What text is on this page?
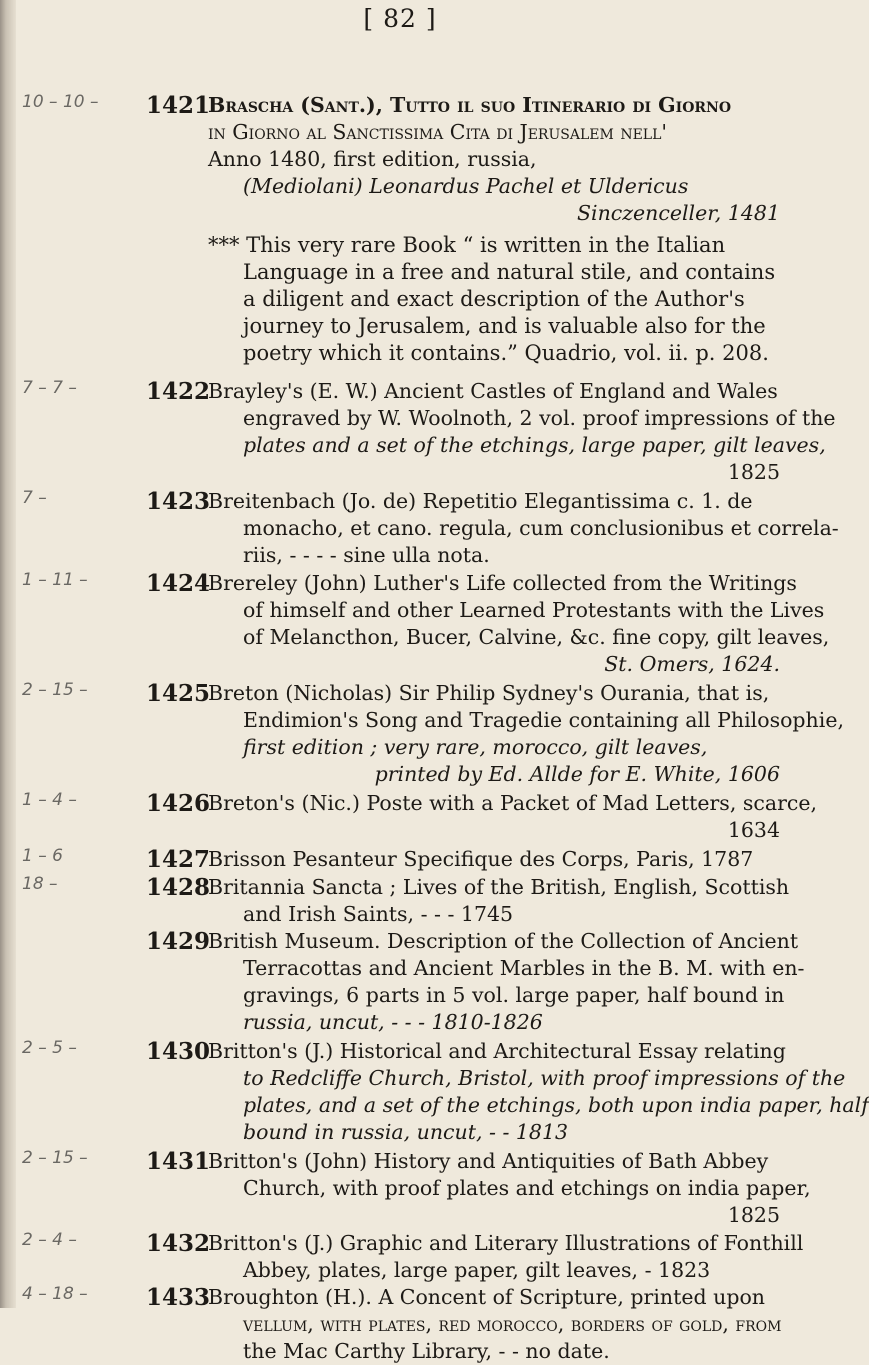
[ 82 ]
10 – 10 – 1421
Brascha (Sant.), Tutto il suo Itinerario di Giorno
in Giorno al Sanctissima Cita di Jerusalem nell'
Anno 1480, first edition, russia,
(Mediolani) Leonardus Pachel et Uldericus
Sinczenceller, 1481
*** This very rare Book “ is written in the Italian
Language in a free and natural stile, and contains
a diligent and exact description of the Author's
journey to Jerusalem, and is valuable also for the
poetry which it contains.” Quadrio, vol. ii. p. 208.
7 – 7 –	1422
Brayley's (E. W.) Ancient Castles of England and Wales
engraved by W. Woolnoth, 2 vol. proof impressions of the
plates and a set of the etchings, large paper, gilt leaves,
1825
7 –	1423
Breitenbach (Jo. de) Repetitio Elegantissima c. 1. de
monacho, et cano. regula, cum conclusionibus et correla-
riis, - - - - sine ulla nota.
1 – 11 –	1424
Brereley (John) Luther's Life collected from the Writings
of himself and other Learned Protestants with the Lives
of Melancthon, Bucer, Calvine, &c. fine copy, gilt leaves,
St. Omers, 1624.
2 – 15 –	1425
Breton (Nicholas) Sir Philip Sydney's Ourania, that is,
Endimion's Song and Tragedie containing all Philosophie,
first edition ; very rare, morocco, gilt leaves,
printed by Ed. Allde for E. White, 1606
1 – 4 –	1426
Breton's (Nic.) Poste with a Packet of Mad Letters, scarce,
1634
1 – 6	1427
Brisson Pesanteur Specifique des Corps, Paris, 1787
18 –	1428
Britannia Sancta ; Lives of the British, English, Scottish
and Irish Saints, - - - 1745
1429
British Museum. Description of the Collection of Ancient
Terracottas and Ancient Marbles in the B. M. with en-
gravings, 6 parts in 5 vol. large paper, half bound in
russia, uncut, - - - 1810-1826
2 – 5 –	1430
Britton's (J.) Historical and Architectural Essay relating
to Redcliffe Church, Bristol, with proof impressions of the
plates, and a set of the etchings, both upon india paper, half
bound in russia, uncut, - - 1813
2 – 15 –	1431
Britton's (John) History and Antiquities of Bath Abbey
Church, with proof plates and etchings on india paper,
1825
2 – 4 –	1432
Britton's (J.) Graphic and Literary Illustrations of Fonthill
Abbey, plates, large paper, gilt leaves, - 1823
4 – 18 –	1433
Broughton (H.). A Concent of Scripture, printed upon
vellum, with plates, red morocco, borders of gold, from
the Mac Carthy Library, - - no date.
